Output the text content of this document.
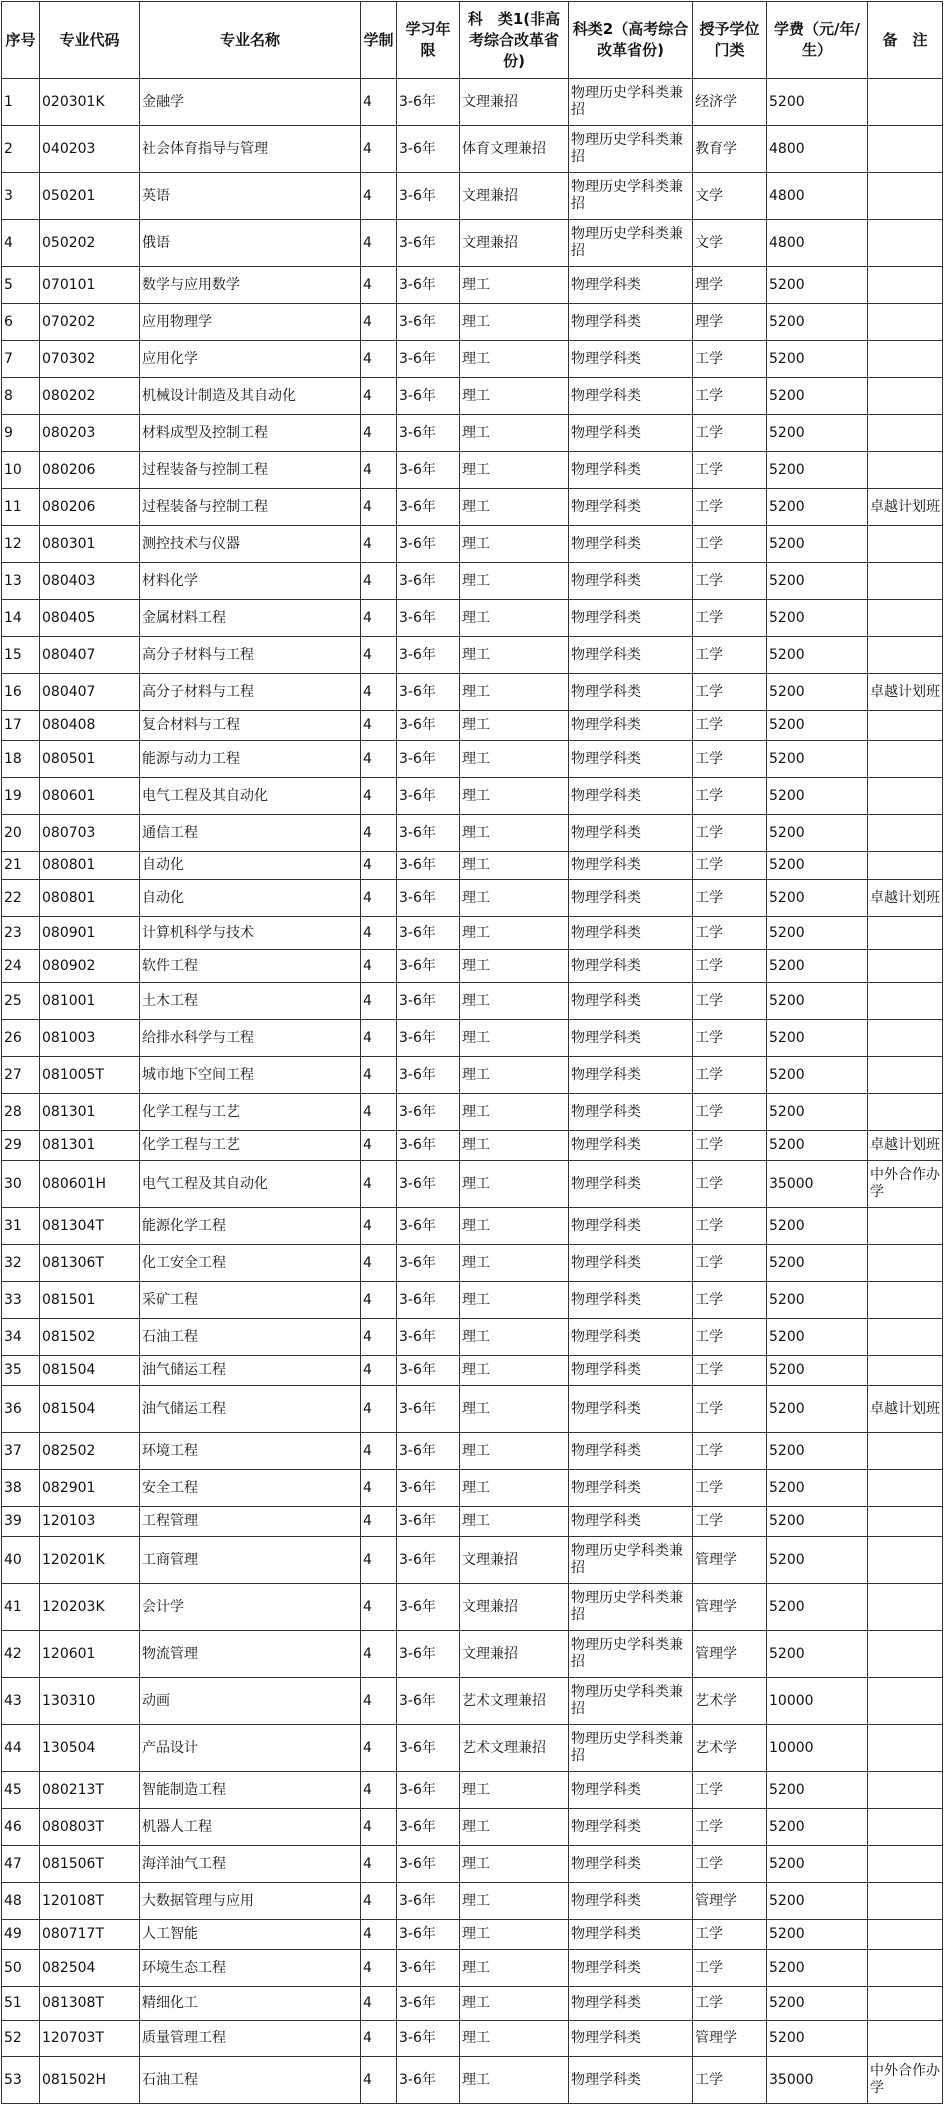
序号	专业代码	专业名称	学制	学习年限	科　类1(非高考综合改革省份)	科类2（高考综合改革省份)	授予学位门类	学费（元/年/生）	备　注
1	020301K	金融学	4	3-6年	文理兼招	物理历史学科类兼招	经济学	5200	
2	040203	社会体育指导与管理	4	3-6年	体育文理兼招	物理历史学科类兼招	教育学	4800	
3	050201	英语	4	3-6年	文理兼招	物理历史学科类兼招	文学	4800	
4	050202	俄语	4	3-6年	文理兼招	物理历史学科类兼招	文学	4800	
5	070101	数学与应用数学	4	3-6年	理工	物理学科类	理学	5200	
6	070202	应用物理学	4	3-6年	理工	物理学科类	理学	5200	
7	070302	应用化学	4	3-6年	理工	物理学科类	工学	5200	
8	080202	机械设计制造及其自动化	4	3-6年	理工	物理学科类	工学	5200	
9	080203	材料成型及控制工程	4	3-6年	理工	物理学科类	工学	5200	
10	080206	过程装备与控制工程	4	3-6年	理工	物理学科类	工学	5200	
11	080206	过程装备与控制工程	4	3-6年	理工	物理学科类	工学	5200	卓越计划班
12	080301	测控技术与仪器	4	3-6年	理工	物理学科类	工学	5200	
13	080403	材料化学	4	3-6年	理工	物理学科类	工学	5200	
14	080405	金属材料工程	4	3-6年	理工	物理学科类	工学	5200	
15	080407	高分子材料与工程	4	3-6年	理工	物理学科类	工学	5200	
16	080407	高分子材料与工程	4	3-6年	理工	物理学科类	工学	5200	卓越计划班
17	080408	复合材料与工程	4	3-6年	理工	物理学科类	工学	5200	
18	080501	能源与动力工程	4	3-6年	理工	物理学科类	工学	5200	
19	080601	电气工程及其自动化	4	3-6年	理工	物理学科类	工学	5200	
20	080703	通信工程	4	3-6年	理工	物理学科类	工学	5200	
21	080801	自动化	4	3-6年	理工	物理学科类	工学	5200	
22	080801	自动化	4	3-6年	理工	物理学科类	工学	5200	卓越计划班
23	080901	计算机科学与技术	4	3-6年	理工	物理学科类	工学	5200	
24	080902	软件工程	4	3-6年	理工	物理学科类	工学	5200	
25	081001	土木工程	4	3-6年	理工	物理学科类	工学	5200	
26	081003	给排水科学与工程	4	3-6年	理工	物理学科类	工学	5200	
27	081005T	城市地下空间工程	4	3-6年	理工	物理学科类	工学	5200	
28	081301	化学工程与工艺	4	3-6年	理工	物理学科类	工学	5200	
29	081301	化学工程与工艺	4	3-6年	理工	物理学科类	工学	5200	卓越计划班
30	080601H	电气工程及其自动化	4	3-6年	理工	物理学科类	工学	35000	中外合作办学
31	081304T	能源化学工程	4	3-6年	理工	物理学科类	工学	5200	
32	081306T	化工安全工程	4	3-6年	理工	物理学科类	工学	5200	
33	081501	采矿工程	4	3-6年	理工	物理学科类	工学	5200	
34	081502	石油工程	4	3-6年	理工	物理学科类	工学	5200	
35	081504	油气储运工程	4	3-6年	理工	物理学科类	工学	5200	
36	081504	油气储运工程	4	3-6年	理工	物理学科类	工学	5200	卓越计划班
37	082502	环境工程	4	3-6年	理工	物理学科类	工学	5200	
38	082901	安全工程	4	3-6年	理工	物理学科类	工学	5200	
39	120103	工程管理	4	3-6年	理工	物理学科类	工学	5200	
40	120201K	工商管理	4	3-6年	文理兼招	物理历史学科类兼招	管理学	5200	
41	120203K	会计学	4	3-6年	文理兼招	物理历史学科类兼招	管理学	5200	
42	120601	物流管理	4	3-6年	文理兼招	物理历史学科类兼招	管理学	5200	
43	130310	动画	4	3-6年	艺术文理兼招	物理历史学科类兼招	艺术学	10000	
44	130504	产品设计	4	3-6年	艺术文理兼招	物理历史学科类兼招	艺术学	10000	
45	080213T	智能制造工程	4	3-6年	理工	物理学科类	工学	5200	
46	080803T	机器人工程	4	3-6年	理工	物理学科类	工学	5200	
47	081506T	海洋油气工程	4	3-6年	理工	物理学科类	工学	5200	
48	120108T	大数据管理与应用	4	3-6年	理工	物理学科类	管理学	5200	
49	080717T	人工智能	4	3-6年	理工	物理学科类	工学	5200	
50	082504	环境生态工程	4	3-6年	理工	物理学科类	工学	5200	
51	081308T	精细化工	4	3-6年	理工	物理学科类	工学	5200	
52	120703T	质量管理工程	4	3-6年	理工	物理学科类	管理学	5200	
53	081502H	石油工程	4	3-6年	理工	物理学科类	工学	35000	中外合作办学
